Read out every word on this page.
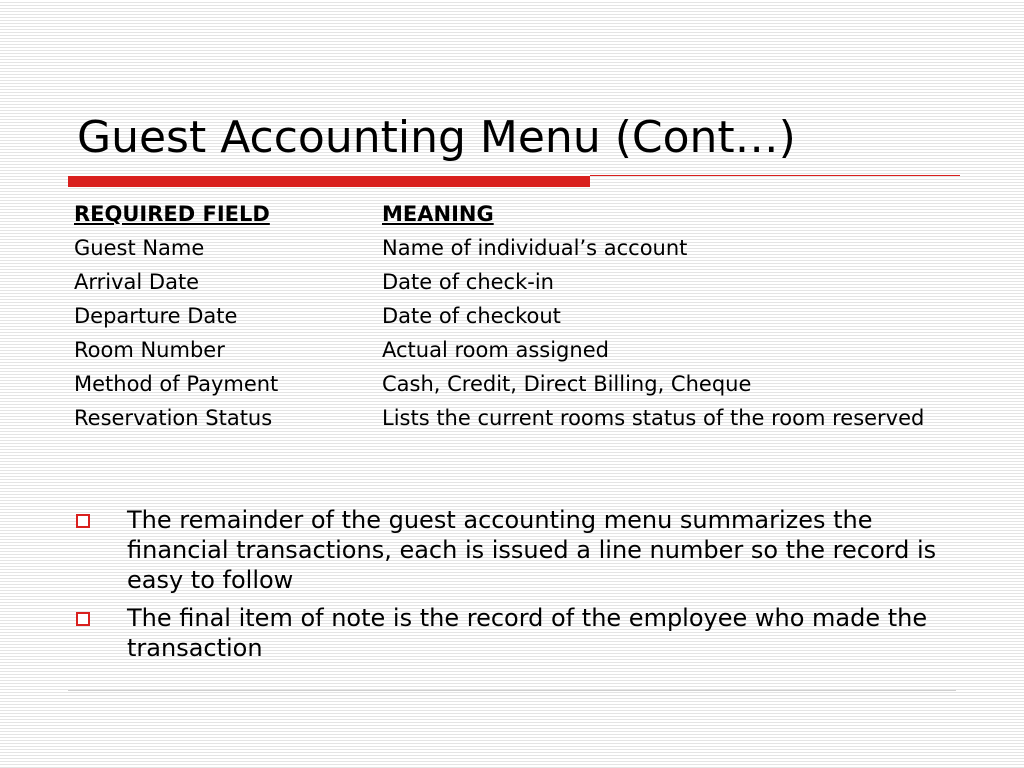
Guest Accounting Menu (Cont…)
REQUIRED FIELD	MEANING
Guest Name	Name of individual’s account
Arrival Date	Date of check-in
Departure Date	Date of checkout
Room Number	Actual room assigned
Method of Payment	Cash, Credit, Direct Billing, Cheque
Reservation Status	Lists the current rooms status of the room reserved
The remainder of the guest accounting menu summarizes the financial transactions, each is issued a line number so the record is easy to follow
The final item of note is the record of the employee who made the transaction
